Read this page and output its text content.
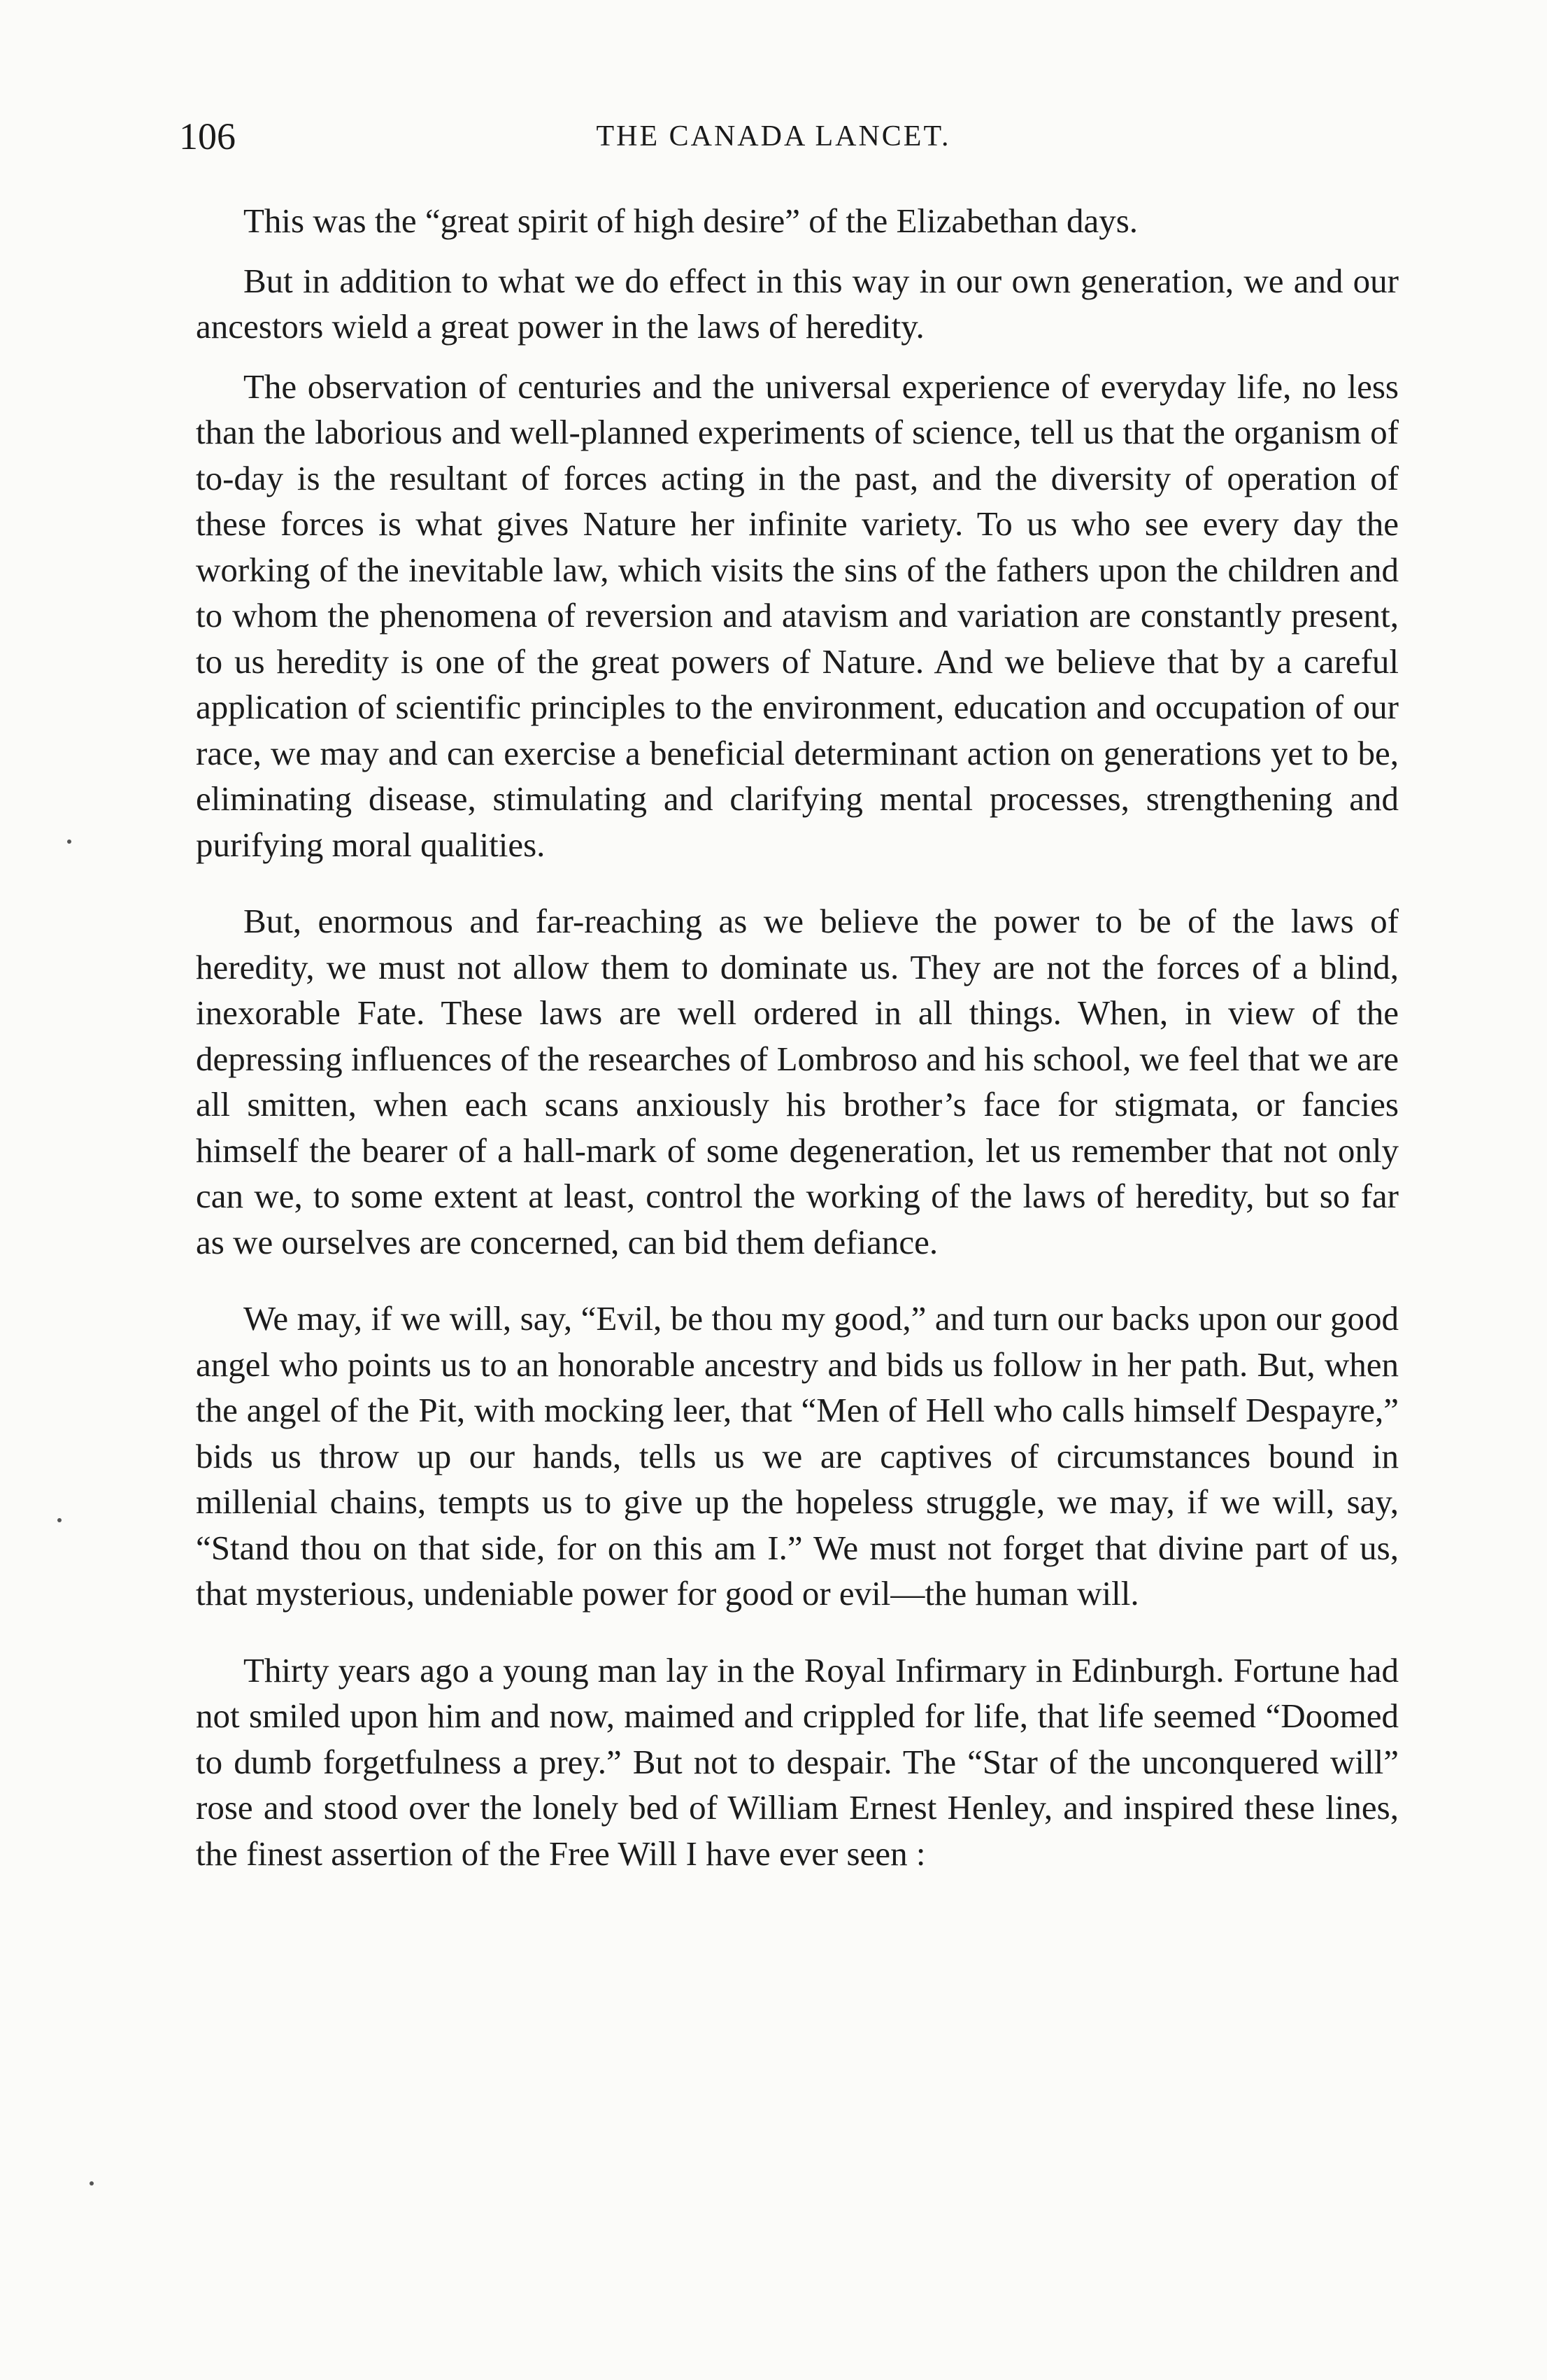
106	THE CANADA LANCET.

This was the “great spirit of high desire” of the Elizabethan days.

But in addition to what we do effect in this way in our own generation, we and our ancestors wield a great power in the laws of heredity.

The observation of centuries and the universal experience of everyday life, no less than the laborious and well-planned experiments of science, tell us that the organism of to-day is the resultant of forces acting in the past, and the diversity of operation of these forces is what gives Nature her infinite variety. To us who see every day the working of the inevitable law, which visits the sins of the fathers upon the children and to whom the phenomena of reversion and atavism and variation are constantly present, to us heredity is one of the great powers of Nature. And we believe that by a careful application of scientific principles to the environment, education and occupation of our race, we may and can exercise a beneficial determinant action on generations yet to be, eliminating disease, stimulating and clarifying mental processes, strengthening and purifying moral qualities.

But, enormous and far-reaching as we believe the power to be of the laws of heredity, we must not allow them to dominate us. They are not the forces of a blind, inexorable Fate. These laws are well ordered in all things. When, in view of the depressing influences of the researches of Lombroso and his school, we feel that we are all smitten, when each scans anxiously his brother’s face for stigmata, or fancies himself the bearer of a hall-mark of some degeneration, let us remember that not only can we, to some extent at least, control the working of the laws of heredity, but so far as we ourselves are concerned, can bid them defiance.

We may, if we will, say, “Evil, be thou my good,” and turn our backs upon our good angel who points us to an honorable ancestry and bids us follow in her path. But, when the angel of the Pit, with mocking leer, that “Men of Hell who calls himself Despayre,” bids us throw up our hands, tells us we are captives of circumstances bound in millenial chains, tempts us to give up the hopeless struggle, we may, if we will, say, “Stand thou on that side, for on this am I.” We must not forget that divine part of us, that mysterious, undeniable power for good or evil—the human will.

Thirty years ago a young man lay in the Royal Infirmary in Edinburgh. Fortune had not smiled upon him and now, maimed and crippled for life, that life seemed “Doomed to dumb forgetfulness a prey.” But not to despair. The “Star of the unconquered will” rose and stood over the lonely bed of William Ernest Henley, and inspired these lines, the finest assertion of the Free Will I have ever seen :
